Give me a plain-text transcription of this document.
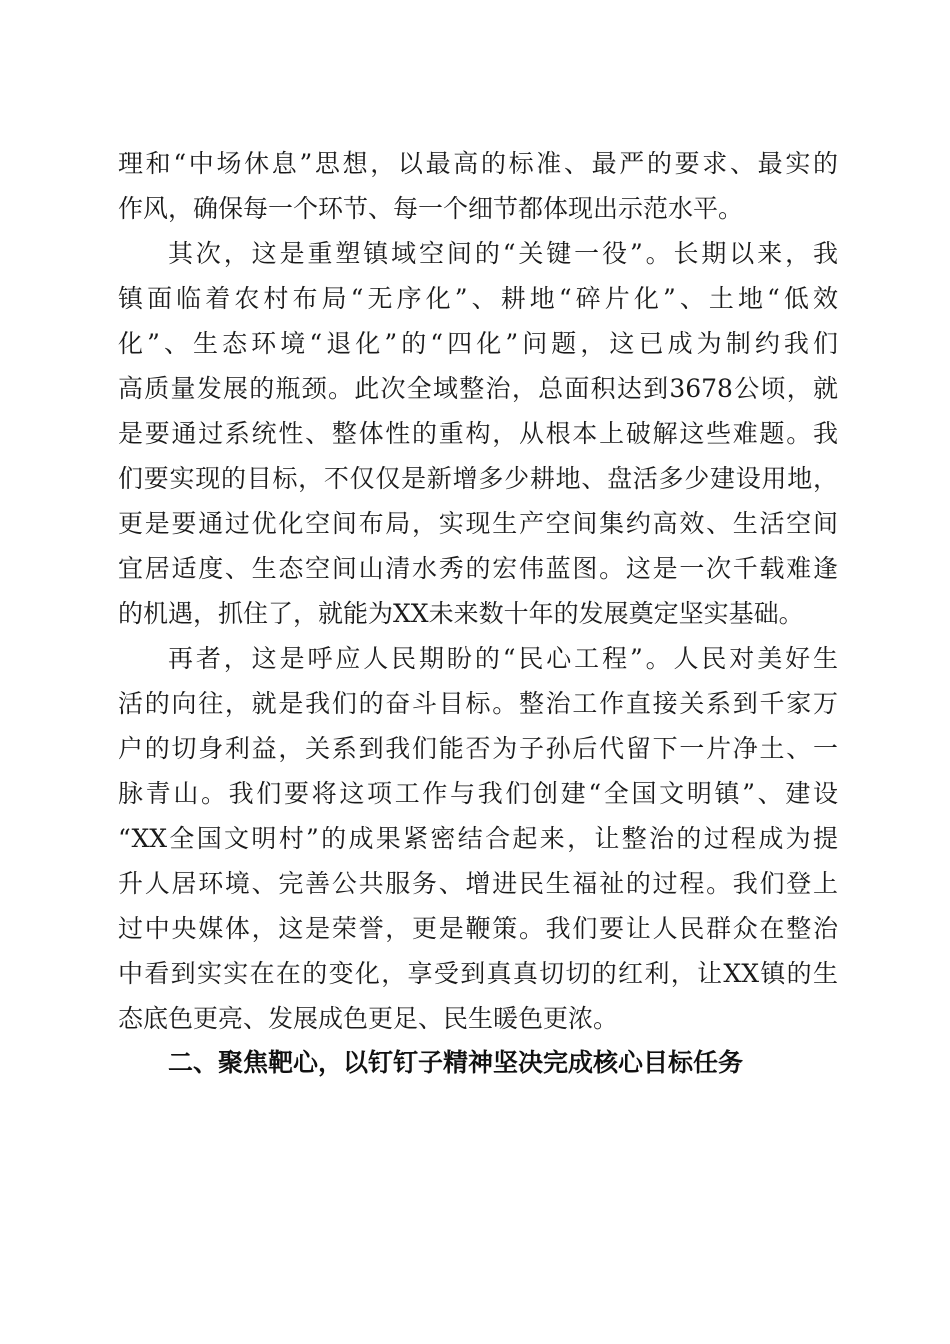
理和“中场休息”思想，以最高的标准、最严的要求、最实的
作风，确保每一个环节、每一个细节都体现出示范水平。
其次，这是重塑镇域空间的“关键一役”。长期以来，我
镇面临着农村布局“无序化”、耕地“碎片化”、土地“低效
化”、生态环境“退化”的“四化”问题，这已成为制约我们
高质量发展的瓶颈。此次全域整治，总面积达到3678公顷，就
是要通过系统性、整体性的重构，从根本上破解这些难题。我
们要实现的目标，不仅仅是新增多少耕地、盘活多少建设用地，
更是要通过优化空间布局，实现生产空间集约高效、生活空间
宜居适度、生态空间山清水秀的宏伟蓝图。这是一次千载难逢
的机遇，抓住了，就能为XX未来数十年的发展奠定坚实基础。
再者，这是呼应人民期盼的“民心工程”。人民对美好生
活的向往，就是我们的奋斗目标。整治工作直接关系到千家万
户的切身利益，关系到我们能否为子孙后代留下一片净土、一
脉青山。我们要将这项工作与我们创建“全国文明镇”、建设
“XX全国文明村”的成果紧密结合起来，让整治的过程成为提
升人居环境、完善公共服务、增进民生福祉的过程。我们登上
过中央媒体，这是荣誉，更是鞭策。我们要让人民群众在整治
中看到实实在在的变化，享受到真真切切的红利，让XX镇的生
态底色更亮、发展成色更足、民生暖色更浓。
二、聚焦靶心，以钉钉子精神坚决完成核心目标任务
